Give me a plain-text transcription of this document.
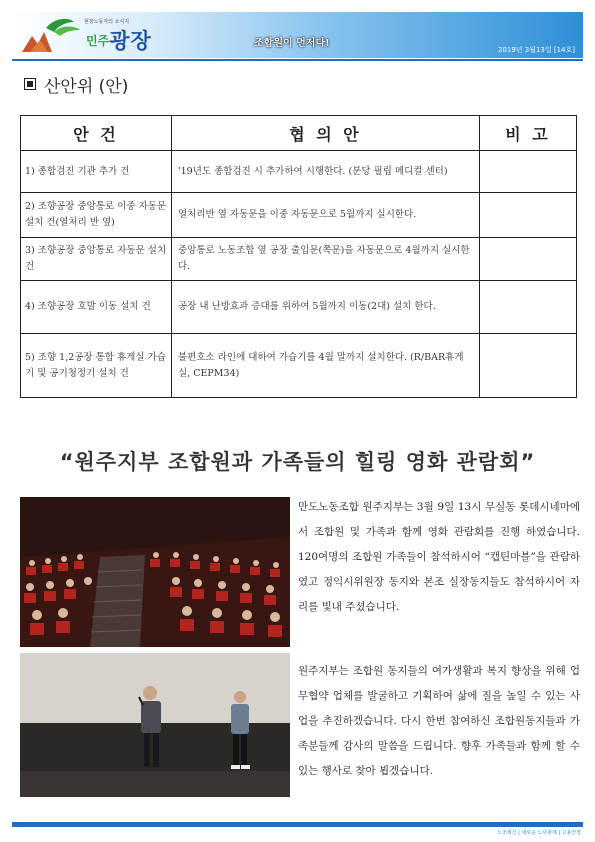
현장노동자의 소식지
민주광장	조합원이 먼저다!
2019년 3월13일 [14호]
산안위 (안)
안 건	협 의 안	비 고
1) 종합검진 기관 추가 건	'19년도 종합검진 시 추가하여 시행한다. (분당 필립 메디컬 센터)	
2) 조향공장 중앙통로 이중 자동문 설치 건(열처리 반 옆)	열처리반 옆 자동문을 이중 자동문으로 5월까지 실시한다.	
3) 조향공장 중앙통로 자동문 설치 건	중앙통로 노동조합 옆 공장 출입문(쪽문)을 자동문으로 4월까지 실시한다.	
4) 조향공장 호발 이동 설치 건	공장 내 난방효과 증대를 위하여 5월까지 이동(2대) 설치 한다.	
5) 조향 1,2공장 통합 휴게실 가습기 및 공기청정기 설치 건	불편호소 라인에 대하여 가습기를 4월 말까지 설치한다. (R/BAR휴게실, CEPM34)	
“원주지부 조합원과 가족들의 힐링 영화 관람회”
만도노동조합 원주지부는 3월 9일 13시 무실동 롯데시네마에서 조합원 및 가족과 함께 영화 관람회를 진행 하였습니다. 120여명의 조합원 가족들이 참석하시어 “캡틴마블”을 관람하였고 정익시위원장 동지와 본조 실장동지들도 참석하시어 자리를 빛내 주셨습니다.
원주지부는 조합원 동지들의 여가생활과 복지 향상을 위해 업무협약 업체를 발굴하고 기획하여 삶에 질을 높일 수 있는 사업을 추진하겠습니다. 다시 한번 참여하신 조합원동지들과 가족분들께 감사의 말씀을 드립니다. 향후 가족들과 함께 할 수 있는 행사로 찾아 뵙겠습니다.
노조혁신 | 새로운 노사관계 | 고용안정
